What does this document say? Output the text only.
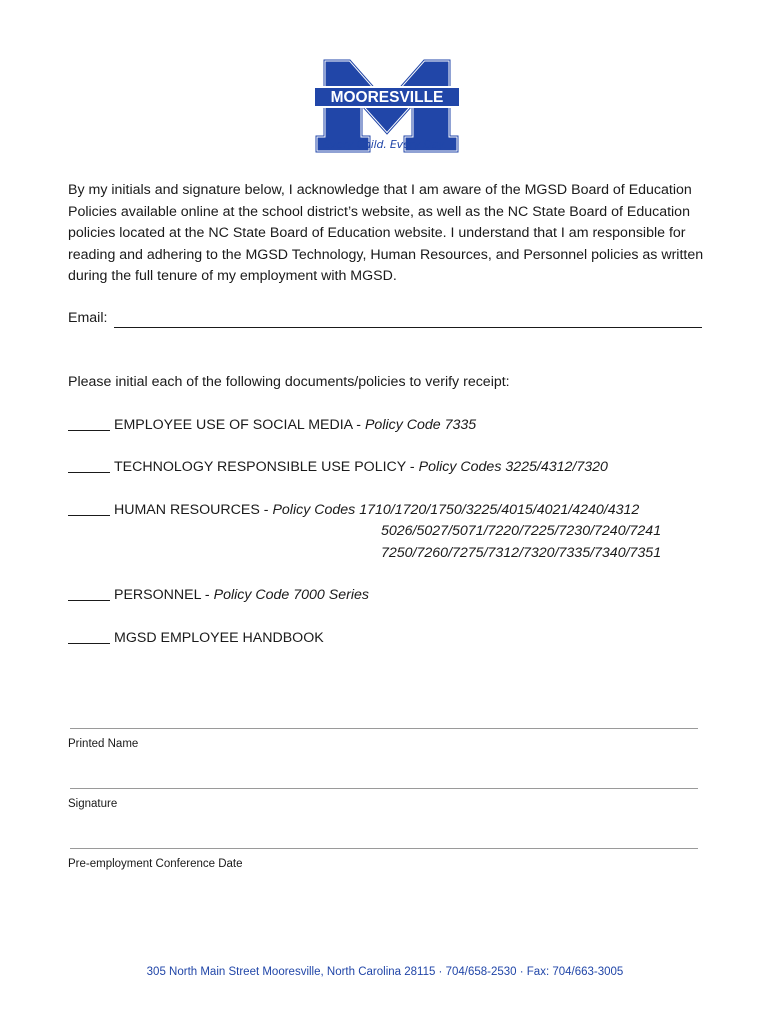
MOORESVILLE
Every Child. Every Day.
By my initials and signature below, I acknowledge that I am aware of the MGSD Board of Education Policies available online at the school district’s website, as well as the NC State Board of Education policies located at the NC State Board of Education website. I understand that I am responsible for reading and adhering to the MGSD Technology, Human Resources, and Personnel policies as written during the full tenure of my employment with MGSD.
Email:
Please initial each of the following documents/policies to verify receipt:
EMPLOYEE USE OF SOCIAL MEDIA - Policy Code 7335
TECHNOLOGY RESPONSIBLE USE POLICY - Policy Codes 3225/4312/7320
HUMAN RESOURCES - Policy Codes 1710/1720/1750/3225/4015/4021/4240/4312
5026/5027/5071/7220/7225/7230/7240/7241
7250/7260/7275/7312/7320/7335/7340/7351
PERSONNEL - Policy Code 7000 Series
MGSD EMPLOYEE HANDBOOK
Printed Name
Signature
Pre-employment Conference Date
305 North Main Street Mooresville, North Carolina 28115 · 704/658-2530 · Fax: 704/663-3005
